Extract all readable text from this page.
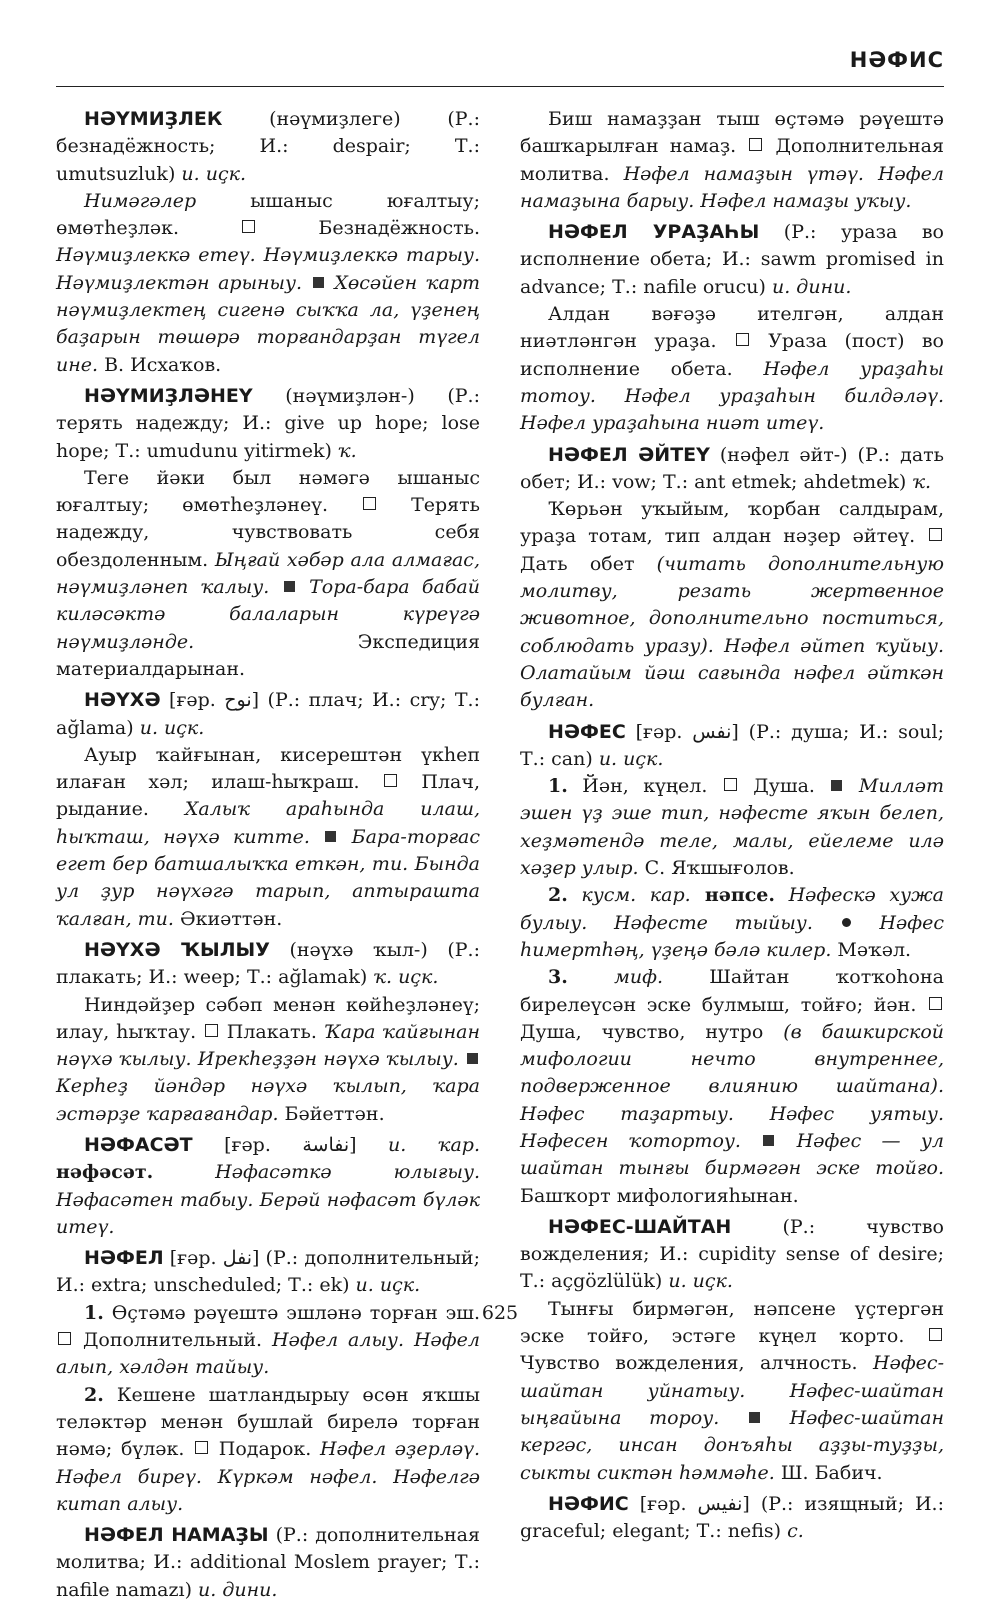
НӘФИС

НӘҮМИҘЛЕК (нәүмиҙлеге) (Р.: безнадёжность; И.: despair; Т.: umutsuzluk) и. иҫк.

Нимәгәлер ышаныс юғалтыу; өмөтһеҙләк.	Безнадёжность. Нәүмиҙлеккә етеү. Нәүмиҙлеккә тарыу. Нәүмиҙлектән арыныу. Хөсәйен ҡарт нәүмиҙлектең сигенә сыҡҡа ла, үҙенең баҙарын төшөрә торғандарҙан түгел ине. В. Исхаҡов.

НӘҮМИҘЛӘНЕҮ (нәүмиҙлән-) (Р.: терять надежду; И.: give up hope; lose hope; Т.: umudunu yitirmek) ҡ.

Теге йәки был нәмәгә ышаныс юғалтыу; өмөтһеҙләнеү.	Терять надежду, чувствовать себя обездоленным. Ыңғай хәбәр ала алмағас, нәүмиҙләнеп ҡалыу. Тора-бара бабай киләсәктә балаларын күреүгә нәүмиҙләнде. Экспедиция материалдарынан.

НӘҮХӘ [ғәр. نوح] (Р.: плач; И.: cry; Т.: ağlama) и. иҫк.

Ауыр ҡайғынан, кисерештән үкһеп илаған хәл; илаш-һыҡраш.  Плач, рыдание. Халыҡ араһында илаш, һыҡташ, нәүхә китте. Бара-торғас егет бер батшалыҡҡа еткән, ти. Бында ул ҙур нәүхәгә тарып, аптырашта ҡалған, ти. Әкиәттән.

НӘҮХӘ ҠЫЛЫУ (нәүхә ҡыл-) (Р.: плакать; И.: weep; Т.: ağlamak) ҡ. иҫк.

Ниндәйҙер сәбәп менән көйһеҙләнеү; илау, һыҡтау.  Плакать. Ҡара ҡайғынан нәүхә ҡылыу. Ирекһеҙҙән нәүхә ҡылыу.  Керһеҙ йәндәр нәүхә ҡылып, ҡара эстәрҙе ҡарғағандар. Бәйеттән.

НӘФАСӘТ [ғәр. نفاسة] и. ҡар. нәфәсәт.	Нәфасәткә юлығыу. Нәфасәтен табыу. Берәй нәфасәт бүләк итеү.

НӘФЕЛ [ғәр. نفل] (Р.: дополнительный; И.: extra; unscheduled; Т.: ek) и. иҫк.

1. Өҫтәмә рәүештә эшләнә торған эш.  Дополнительный. Нәфел алыу. Нәфел алып, хәлдән тайыу.

2. Кешене шатландырыу өсөн яҡшы теләктәр менән бушлай бирелә торған нәмә; бүләк.  Подарок. Нәфел әҙерләү. Нәфел биреү. Күркәм нәфел. Нәфелгә китап алыу.

НӘФЕЛ НАМАҘЫ (Р.: дополнительная молитва; И.: additional Moslem prayer; Т.: nafile namazı) и. дини.

Биш намаҙҙан тыш өҫтәмә рәүештә башҡарылған намаҙ.  Дополнительная молитва. Нәфел намаҙын үтәү. Нәфел намаҙына барыу. Нәфел намаҙы уҡыу.

НӘФЕЛ УРАҘАҺЫ (Р.: ураза во исполнение обета; И.: sawm promised in advance; Т.: nafile orucu) и. дини.

Алдан вәғәҙә ителгән, алдан ниәтләнгән ураҙа.  Ураза (пост) во исполнение обета. Нәфел ураҙаһы тотоу. Нәфел ураҙаһын билдәләү. Нәфел ураҙаһына ниәт итеү.

НӘФЕЛ ӘЙТЕҮ (нәфел әйт-) (Р.: дать обет; И.: vow; Т.: ant etmek; ahdetmek) ҡ.

Ҡөрьән уҡыйым, ҡорбан салдырам, ураҙа тотам, тип алдан нәҙер әйтеү.  Дать обет (читать дополнительную молитву, резать жертвенное животное, дополнительно поститься, соблюдать уразу). Нәфел әйтеп ҡуйыу. Олатайым йәш сағында нәфел әйткән булған.

НӘФЕС [ғәр. نفس] (Р.: душа; И.: soul; Т.: can) и. иҫк.

1. Йән, күңел.  Душа.  Милләт эшен үҙ эше тип, нәфесте яҡын белеп, хеҙмәтендә теле, малы, ейелеме илә хәҙер улыр. С. Яҡшығолов.

2. кусм. кар. нәпсе. Нәфескә хужа булыу. Нәфесте тыйыу.	Нәфес һимертһәң, үҙеңә бәлә килер. Мәҡәл.

3. миф. Шайтан ҡотҡоhона бирелеүсән эске булмыш, тойғо; йән.  Душа, чувство, нутро (в башкирской мифологии нечто внутреннее, подверженное влиянию шайтана). Нәфес таҙартыу. Нәфес уятыу. Нәфесен ҡотортоу.	Нәфес — ул шайтан тынғы бирмәгән эске тойғо. Башҡорт мифологияһынан.

НӘФЕС-ШАЙТАН (Р.: чувство вожделения; И.: cupidity sense of desire; Т.: açgözlülük) и. иҫк.

Тынғы бирмәгән, нәпсене үҫтергән эске тойғо, эстәге күңел ҡорто.  Чувство вожделения, алчность. Нәфес-шайтан уйнатыу. Нәфес-шайтан ыңғайына тороу.	Нәфес-шайтан кергәс, инсан донъяһы аҙҙы-туҙҙы, сыкты сиктән һәммәһе. Ш. Бабич.

НӘФИС [ғәр. نفيس] (Р.: изящный; И.: graceful; elegant; Т.: nefis) с.

625
